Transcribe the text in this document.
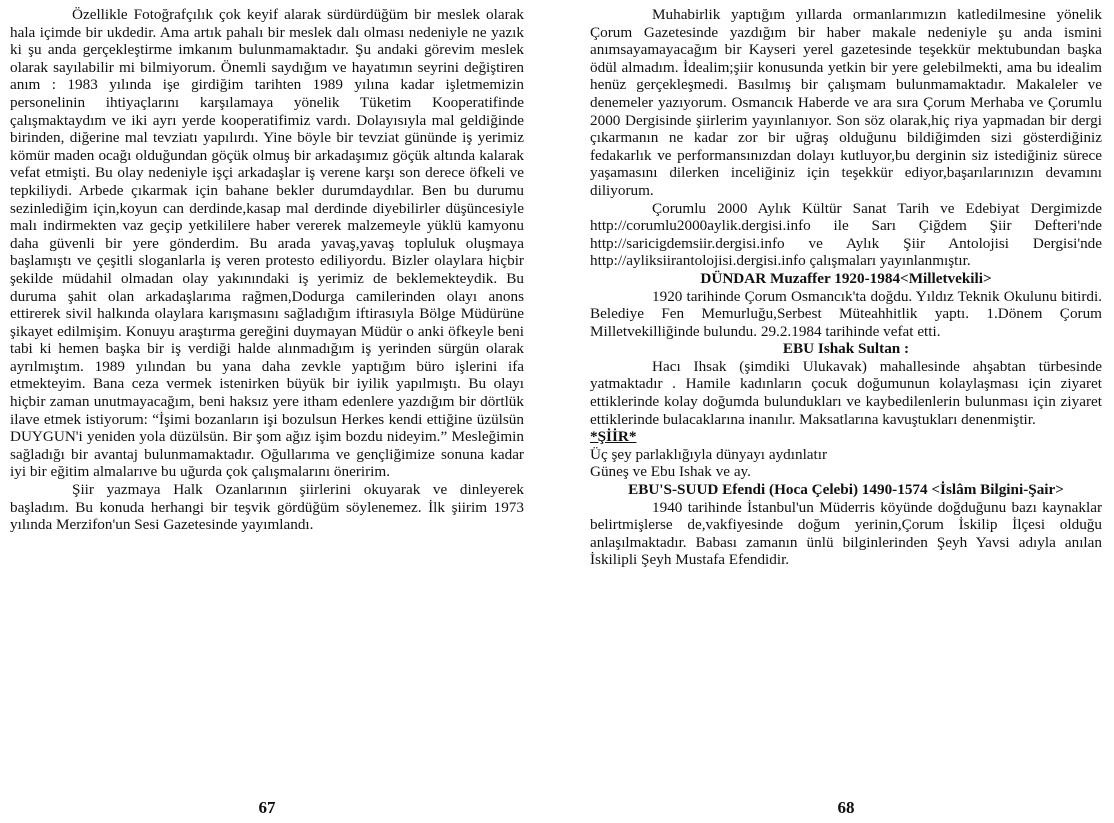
Özellikle Fotoğrafçılık çok keyif alarak sürdürdüğüm bir meslek olarak hala içimde bir ukdedir. Ama artık pahalı bir meslek dalı olması nedeniyle ne yazık ki şu anda gerçekleştirme imkanım bulunmamaktadır. Şu andaki görevim meslek olarak sayılabilir mi bilmiyorum. Önemli saydığım ve hayatımın seyrini değiştiren anım : 1983 yılında işe girdiğim tarihten 1989 yılına kadar işletmemizin personelinin ihtiyaçlarını karşılamaya yönelik Tüketim Kooperatifinde çalışmaktaydım ve iki ayrı yerde kooperatifimiz vardı. Dolayısıyla mal geldiğinde birinden, diğerine mal tevziatı yapılırdı. Yine böyle bir tevziat gününde iş yerimiz kömür maden ocağı olduğundan göçük olmuş bir arkadaşımız göçük altında kalarak vefat etmişti. Bu olay nedeniyle işçi arkadaşlar iş verene karşı son derece öfkeli ve tepkiliydi. Arbede çıkarmak için bahane bekler durumdaydılar. Ben bu durumu sezinlediğim için,koyun can derdinde,kasap mal derdinde diyebilirler düşüncesiyle malı indirmekten vaz geçip yetkililere haber vererek malzemeyle yüklü kamyonu daha güvenli bir yere gönderdim. Bu arada yavaş,yavaş topluluk oluşmaya başlamıştı ve çeşitli sloganlarla iş veren protesto ediliyordu. Bizler olaylara hiçbir şekilde müdahil olmadan olay yakınındaki iş yerimiz de beklemekteydik. Bu duruma şahit olan arkadaşlarıma rağmen,Dodurga camilerinden olayı anons ettirerek sivil halkında olaylara karışmasını sağladığım iftirasıyla Bölge Müdürüne şikayet edilmişim. Konuyu araştırma gereğini duymayan Müdür o anki öfkeyle beni tabi ki hemen başka bir iş verdiği halde alınmadığım iş yerinden sürgün olarak ayrılmıştım. 1989 yılından bu yana daha zevkle yaptığım büro işlerini ifa etmekteyim. Bana ceza vermek istenirken büyük bir iyilik yapılmıştı. Bu olayı hiçbir zaman unutmayacağım, beni haksız yere itham edenlere yazdığım bir dörtlük ilave etmek istiyorum: “İşimi bozanların işi bozulsun Herkes kendi ettiğine üzülsün DUYGUN'i yeniden yola düzülsün. Bir şom ağız işim bozdu nideyim.” Mesleğimin sağladığı bir avantaj bulunmamaktadır. Oğullarıma ve gençliğimize sonuna kadar iyi bir eğitim almalarıve bu uğurda çok çalışmalarını öneririm.

Şiir yazmaya Halk Ozanlarının şiirlerini okuyarak ve dinleyerek başladım. Bu konuda herhangi bir teşvik gördüğüm söylenemez. İlk şiirim 1973 yılında Merzifon'un Sesi Gazetesinde yayımlandı.

67

Muhabirlik yaptığım yıllarda ormanlarımızın katledilmesine yönelik Çorum Gazetesinde yazdığım bir haber makale nedeniyle şu anda ismini anımsayamayacağım bir Kayseri yerel gazetesinde teşekkür mektubundan başka ödül almadım. İdealim;şiir konusunda yetkin bir yere gelebilmekti, ama bu idealim henüz gerçekleşmedi. Basılmış bir çalışmam bulunmamaktadır. Makaleler ve denemeler yazıyorum. Osmancık Haberde ve ara sıra Çorum Merhaba ve Çorumlu 2000 Dergisinde şiirlerim yayınlanıyor. Son söz olarak,hiç riya yapmadan bir dergi çıkarmanın ne kadar zor bir uğraş olduğunu bildiğimden sizi gösterdiğiniz fedakarlık ve performansınızdan dolayı kutluyor,bu derginin siz istediğiniz sürece yaşamasını dilerken inceliğiniz için teşekkür ediyor,başarılarınızın devamını diliyorum.

Çorumlu 2000 Aylık Kültür Sanat Tarih ve Edebiyat Dergimizde http://corumlu2000aylik.dergisi.info ile Sarı Çiğdem Şiir Defteri'nde http://saricigdemsiir.dergisi.info ve Aylık Şiir Antolojisi Dergisi'nde http://ayliksiirantolojisi.dergisi.info çalışmaları yayınlanmıştır.

DÜNDAR Muzaffer 1920-1984<Milletvekili>

1920 tarihinde Çorum Osmancık'ta doğdu. Yıldız Teknik Okulunu bitirdi. Belediye Fen Memurluğu,Serbest Müteahhitlik yaptı. 1.Dönem Çorum Milletvekilliğinde bulundu. 29.2.1984 tarihinde vefat etti.

EBU Ishak Sultan :

Hacı Ihsak (şimdiki Ulukavak) mahallesinde ahşabtan türbesinde yatmaktadır . Hamile kadınların çocuk doğumunun kolaylaşması için ziyaret ettiklerinde kolay doğumda bulundukları ve kaybedilenlerin bulunması için ziyaret ettiklerinde bulacaklarına inanılır. Maksatlarına kavuştukları denenmiştir.

*ŞİİR*

Üç şey parlaklığıyla dünyayı aydınlatır

Güneş ve Ebu Ishak ve ay.

EBU'S-SUUD Efendi (Hoca Çelebi) 1490-1574 <İslâm Bilgini-Şair>

1940 tarihinde İstanbul'un Müderris köyünde doğduğunu bazı kaynaklar belirtmişlerse de,vakfiyesinde doğum yerinin,Çorum İskilip İlçesi olduğu anlaşılmaktadır. Babası zamanın ünlü bilginlerinden Şeyh Yavsi adıyla anılan İskilipli Şeyh Mustafa Efendidir.

68
